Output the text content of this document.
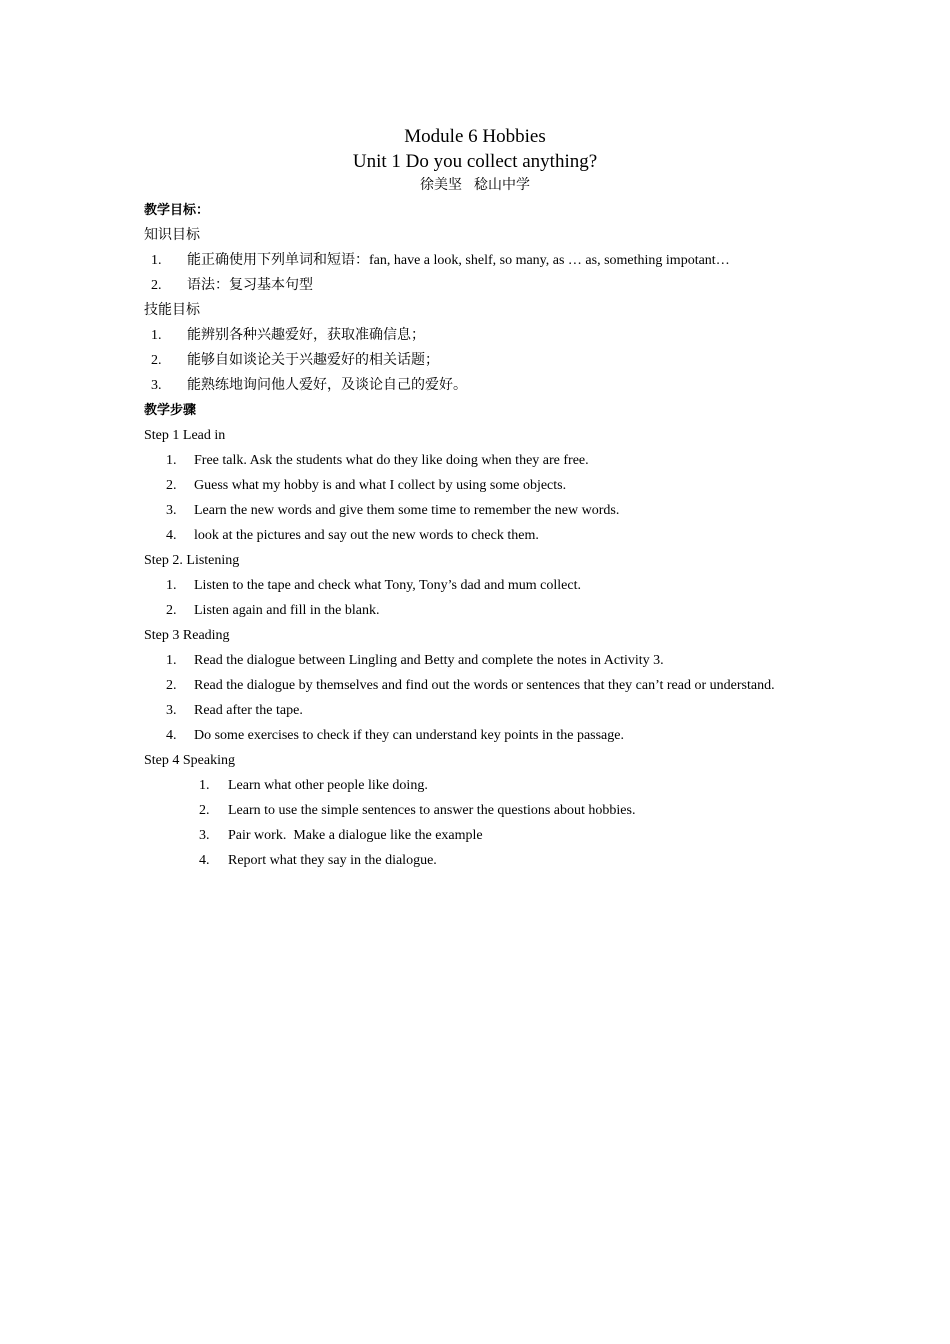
Module 6 Hobbies
Unit 1 Do you collect anything?
徐美坚 稔山中学
教学目标：
知识目标
1.	能正确使用下列单词和短语：fan, have a look, shelf, so many, as … as, something impotant…
2.	语法：复习基本句型
技能目标
1.	能辨别各种兴趣爱好，获取准确信息；
2.	能够自如谈论关于兴趣爱好的相关话题；
3.	能熟练地询问他人爱好，及谈论自己的爱好。
教学步骤
Step 1 Lead in
1.	Free talk. Ask the students what do they like doing when they are free.
2.	Guess what my hobby is and what I collect by using some objects.
3.	Learn the new words and give them some time to remember the new words.
4.	look at the pictures and say out the new words to check them.
Step 2. Listening
1.	Listen to the tape and check what Tony, Tony’s dad and mum collect.
2.	Listen again and fill in the blank.
Step 3 Reading
1.	Read the dialogue between Lingling and Betty and complete the notes in Activity 3.
2.	Read the dialogue by themselves and find out the words or sentences that they can’t read or understand.
3.	Read after the tape.
4.	Do some exercises to check if they can understand key points in the passage.
Step 4 Speaking
1.	Learn what other people like doing.
2.	Learn to use the simple sentences to answer the questions about hobbies.
3.	Pair work.  Make a dialogue like the example
4.	Report what they say in the dialogue.
